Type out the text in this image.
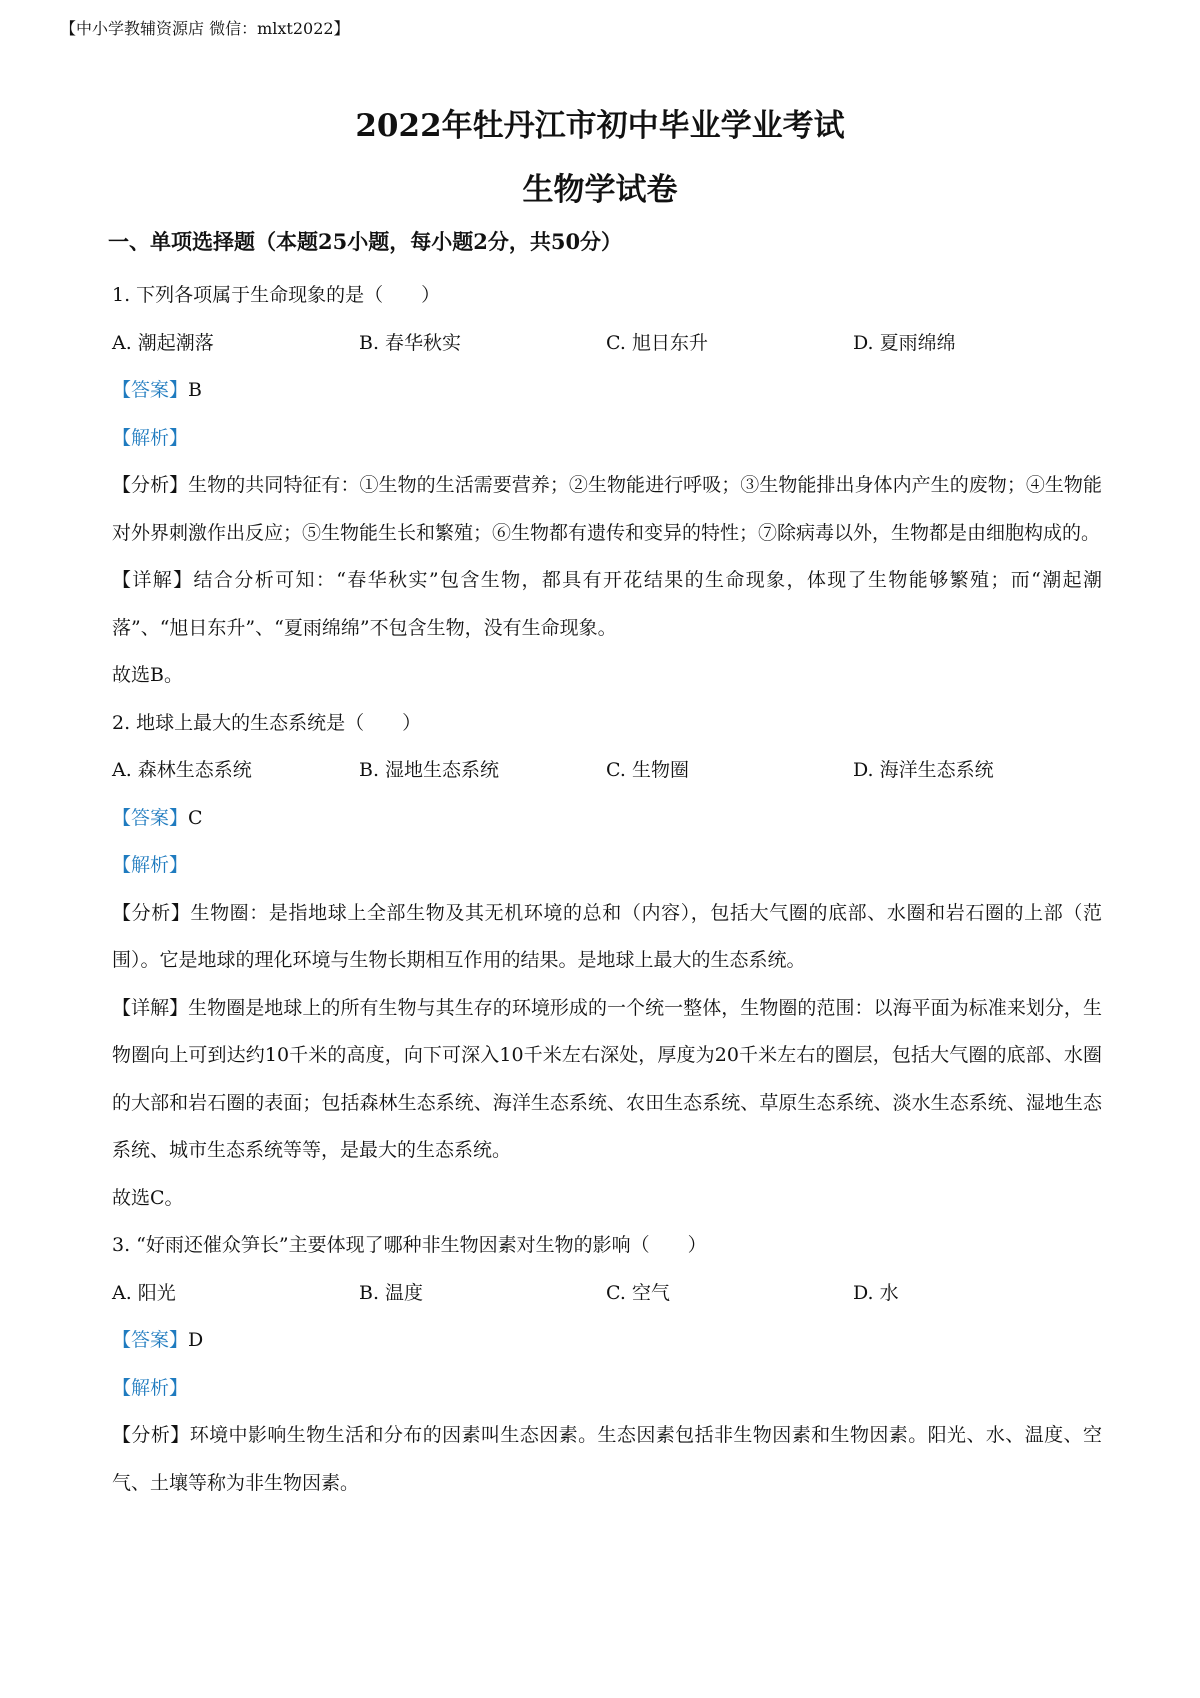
【中小学教辅资源店 微信：mlxt2022】
2022年牡丹江市初中毕业学业考试
生物学试卷
一、单项选择题（本题25小题，每小题2分，共50分）
1. 下列各项属于生命现象的是（　　）
A. 潮起潮落	B. 春华秋实	C. 旭日东升	D. 夏雨绵绵
【答案】B
【解析】

【分析】生物的共同特征有：①生物的生活需要营养；②生物能进行呼吸；③生物能排出身体内产生的废物；④生物能对外界刺激作出反应；⑤生物能生长和繁殖；⑥生物都有遗传和变异的特性；⑦除病毒以外，生物都是由细胞构成的。

【详解】结合分析可知：“春华秋实”包含生物，都具有开花结果的生命现象，体现了生物能够繁殖；而“潮起潮落”、“旭日东升”、“夏雨绵绵”不包含生物，没有生命现象。

故选B。
2. 地球上最大的生态系统是（　　）
A. 森林生态系统	B. 湿地生态系统	C. 生物圈	D. 海洋生态系统
【答案】C
【解析】

【分析】生物圈：是指地球上全部生物及其无机环境的总和（内容），包括大气圈的底部、水圈和岩石圈的上部（范围）。它是地球的理化环境与生物长期相互作用的结果。是地球上最大的生态系统。

【详解】生物圈是地球上的所有生物与其生存的环境形成的一个统一整体，生物圈的范围：以海平面为标准来划分，生物圈向上可到达约10千米的高度，向下可深入10千米左右深处，厚度为20千米左右的圈层，包括大气圈的底部、水圈的大部和岩石圈的表面；包括森林生态系统、海洋生态系统、农田生态系统、草原生态系统、淡水生态系统、湿地生态系统、城市生态系统等等，是最大的生态系统。

故选C。
3. “好雨还催众笋长”主要体现了哪种非生物因素对生物的影响（　　）
A. 阳光	B. 温度	C. 空气	D. 水
【答案】D
【解析】

【分析】环境中影响生物生活和分布的因素叫生态因素。生态因素包括非生物因素和生物因素。阳光、水、温度、空气、土壤等称为非生物因素。
